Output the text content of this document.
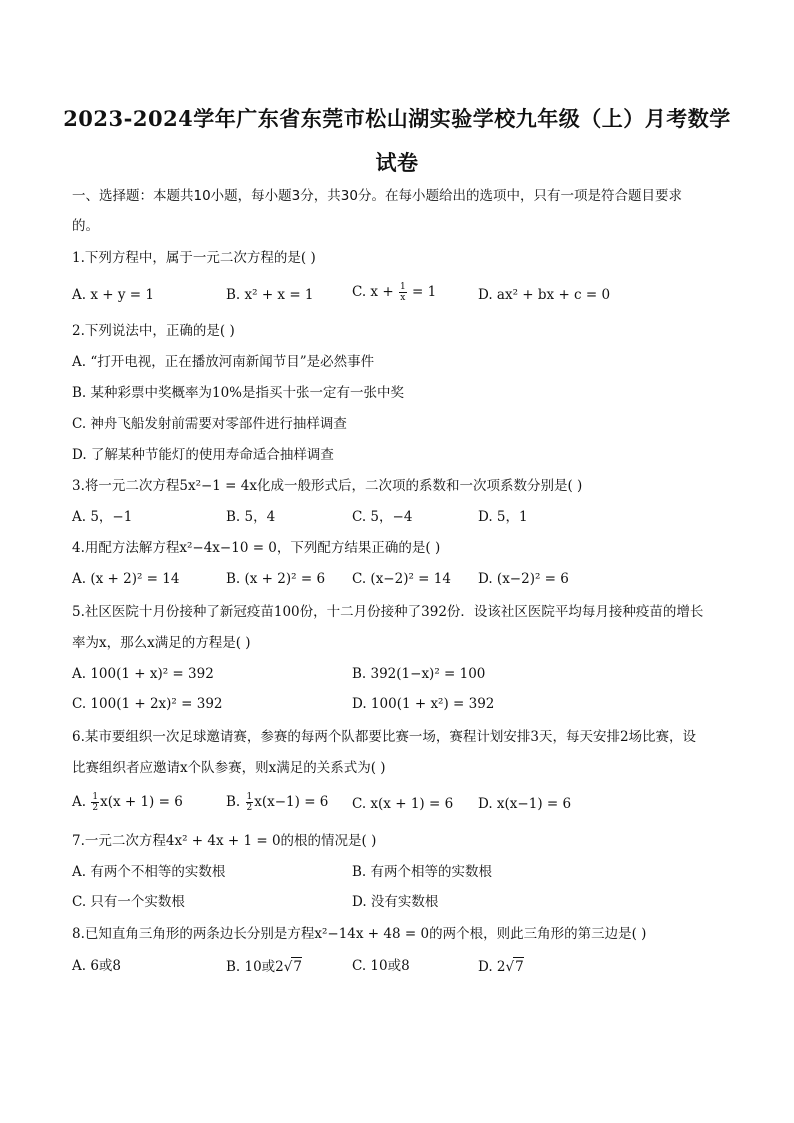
2023-2024学年广东省东莞市松山湖实验学校九年级（上）月考数学
试卷
一、选择题：本题共10小题，每小题3分，共30分。在每小题给出的选项中，只有一项是符合题目要求
的。
1.下列方程中，属于一元二次方程的是( )
A. x + y = 1	B. x² + x = 1	C. $x + \frac{1}{x} = 1$	D. ax² + bx + c = 0
2.下列说法中，正确的是( )
A. “打开电视，正在播放河南新闻节目”是必然事件
B. 某种彩票中奖概率为10%是指买十张一定有一张中奖
C. 神舟飞船发射前需要对零部件进行抽样调查
D. 了解某种节能灯的使用寿命适合抽样调查
3.将一元二次方程5x²−1 = 4x化成一般形式后，二次项的系数和一次项系数分别是( )
A. 5，−1	B. 5，4	C. 5，−4	D. 5，1
4.用配方法解方程x²−4x−10 = 0，下列配方结果正确的是( )
A. (x + 2)² = 14	B. (x + 2)² = 6 C. (x−2)² = 14 D. (x−2)² = 6
5.社区医院十月份接种了新冠疫苗100份，十二月份接种了392份．设该社区医院平均每月接种疫苗的增长
率为x，那么x满足的方程是( )
A. 100(1 + x)² = 392	B. 392(1−x)² = 100
C. 100(1 + 2x)² = 392	D. 100(1 + x²) = 392
6.某市要组织一次足球邀请赛，参赛的每两个队都要比赛一场，赛程计划安排3天，每天安排2场比赛，设
比赛组织者应邀请x个队参赛，则x满足的关系式为( )
A. $\frac{1}{2} x(x + 1) = 6$	B. $\frac{1}{2} x(x-1) = 6$ C. x(x + 1) = 6 D. x(x−1) = 6
7.一元二次方程4x² + 4x + 1 = 0的根的情况是( )
A. 有两个不相等的实数根	B. 有两个相等的实数根
C. 只有一个实数根	D. 没有实数根
8.已知直角三角形的两条边长分别是方程x²−14x + 48 = 0的两个根，则此三角形的第三边是( )
A. 6或8	B. 10或2√7	C. 10或8	D. 2√7
